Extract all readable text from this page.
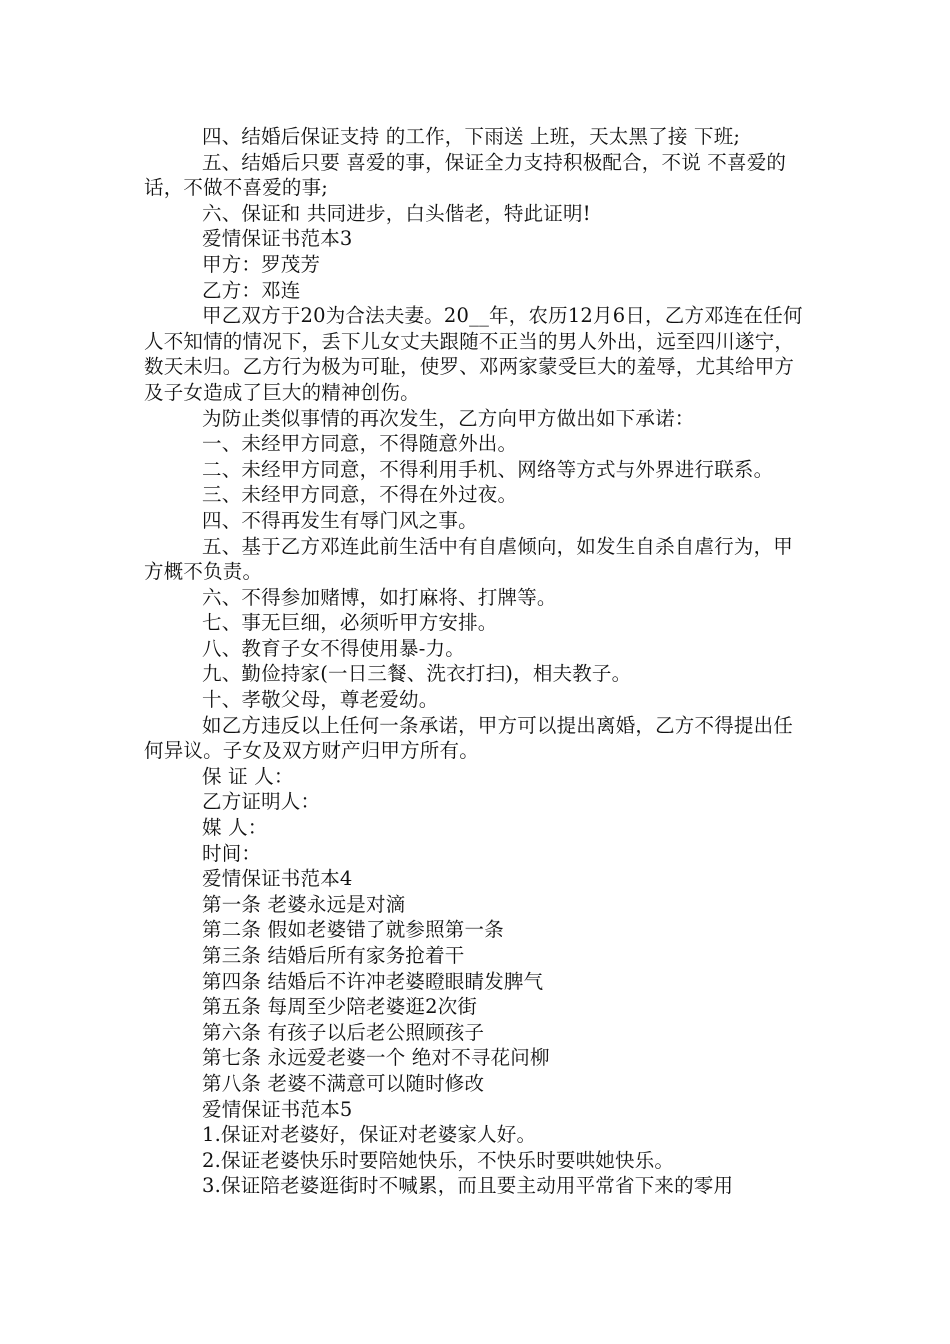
四、结婚后保证支持 的工作，下雨送 上班，天太黑了接 下班;

五、结婚后只要 喜爱的事，保证全力支持积极配合，不说 不喜爱的话，不做不喜爱的事;

六、保证和 共同进步，白头偕老，特此证明!

爱情保证书范本3

甲方：罗茂芳

乙方：邓连

甲乙双方于20为合法夫妻。20__年，农历12月6日，乙方邓连在任何人不知情的情况下，丢下儿女丈夫跟随不正当的男人外出，远至四川遂宁，数天未归。乙方行为极为可耻，使罗、邓两家蒙受巨大的羞辱，尤其给甲方及子女造成了巨大的精神创伤。

为防止类似事情的再次发生，乙方向甲方做出如下承诺：

一、未经甲方同意，不得随意外出。

二、未经甲方同意，不得利用手机、网络等方式与外界进行联系。

三、未经甲方同意，不得在外过夜。

四、不得再发生有辱门风之事。

五、基于乙方邓连此前生活中有自虐倾向，如发生自杀自虐行为，甲方概不负责。

六、不得参加赌博，如打麻将、打牌等。

七、事无巨细，必须听甲方安排。

八、教育子女不得使用暴-力。

九、勤俭持家(一日三餐、洗衣打扫)，相夫教子。

十、孝敬父母，尊老爱幼。

如乙方违反以上任何一条承诺，甲方可以提出离婚，乙方不得提出任何异议。子女及双方财产归甲方所有。

保 证 人：

乙方证明人：

媒 人：

时间：

爱情保证书范本4

第一条 老婆永远是对滴

第二条 假如老婆错了就参照第一条

第三条 结婚后所有家务抢着干

第四条 结婚后不许冲老婆瞪眼睛发脾气

第五条 每周至少陪老婆逛2次街

第六条 有孩子以后老公照顾孩子

第七条 永远爱老婆一个 绝对不寻花问柳

第八条 老婆不满意可以随时修改

爱情保证书范本5

1.保证对老婆好，保证对老婆家人好。

2.保证老婆快乐时要陪她快乐，不快乐时要哄她快乐。

3.保证陪老婆逛街时不喊累，而且要主动用平常省下来的零用
